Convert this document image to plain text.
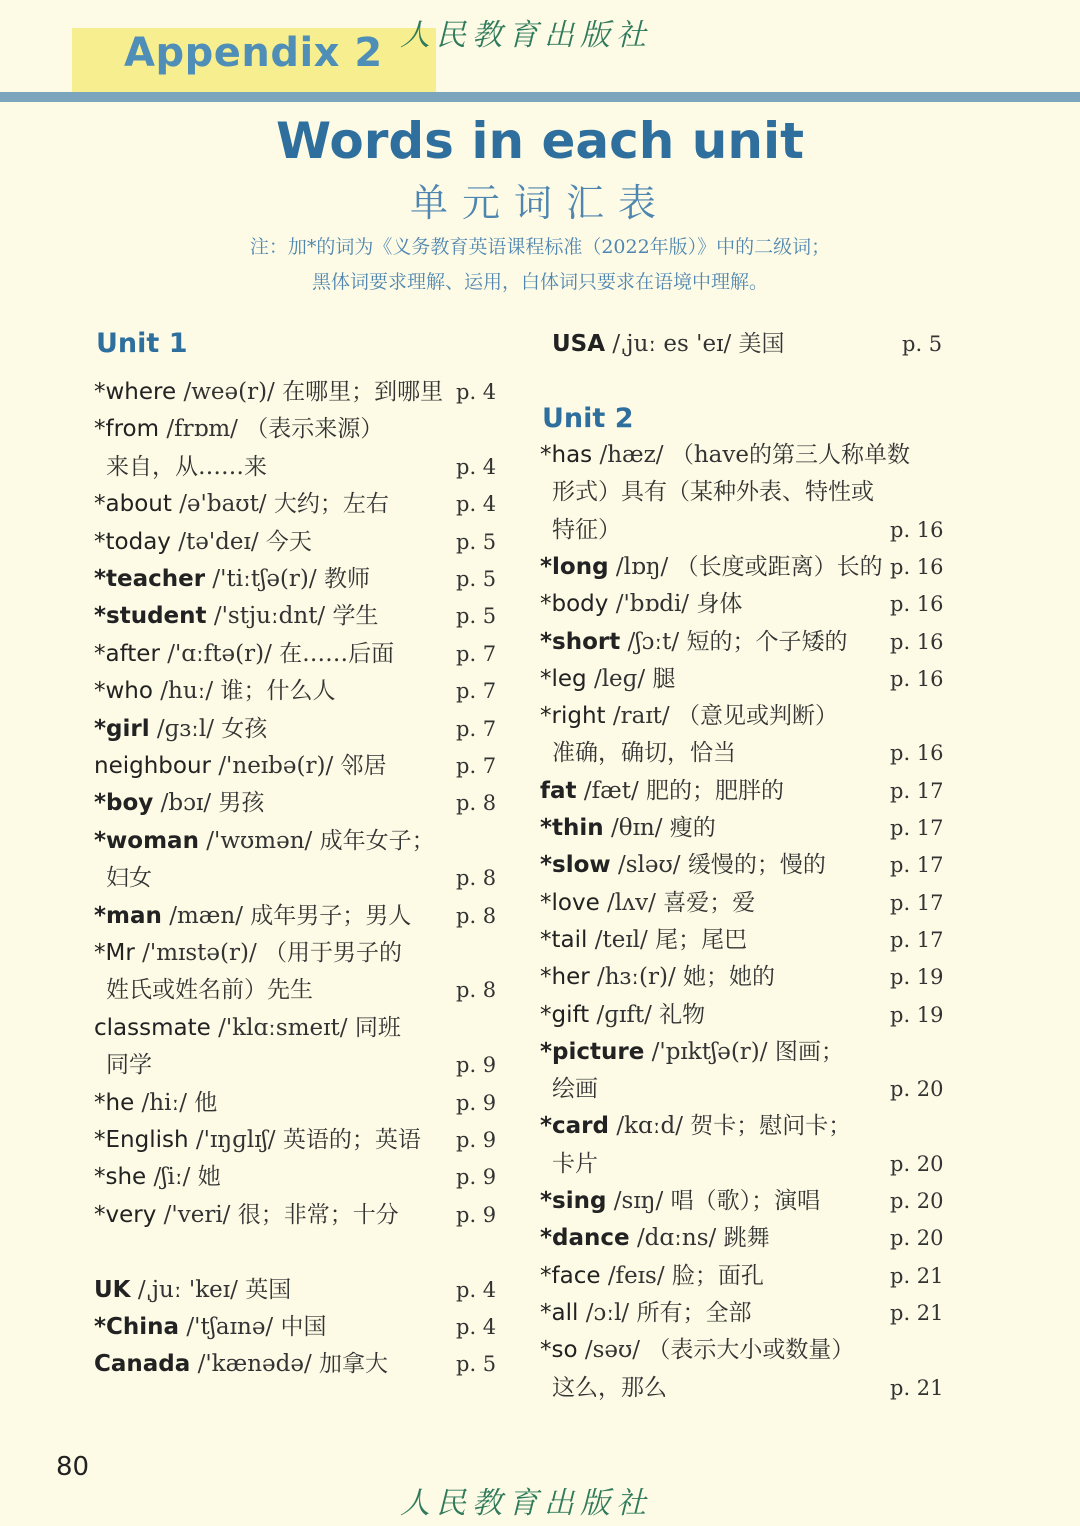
Appendix 2 人民教育出版社
Words in each unit
单元词汇表
注：加*的词为《义务教育英语课程标准（2022年版）》中的二级词；
黑体词要求理解、运用，白体词只要求在语境中理解。
Unit 1
*where /weə(r)/ 在哪里；到哪里 p. 4
*from /frɒm/ （表示来源）
来自，从……来	p. 4
*about /ə'baʊt/ 大约；左右	p. 4
*today /tə'deɪ/ 今天	p. 5
*teacher /'tiːtʃə(r)/ 教师	p. 5
*student /'stjuːdnt/ 学生	p. 5
*after /'ɑːftə(r)/ 在……后面	p. 7
*who /huː/ 谁；什么人	p. 7
*girl /ɡɜːl/ 女孩	p. 7
neighbour /'neɪbə(r)/ 邻居	p. 7
*boy /bɔɪ/ 男孩	p. 8
*woman /'wʊmən/ 成年女子；
妇女	p. 8
*man /mæn/ 成年男子；男人 p. 8
*Mr /'mɪstə(r)/ （用于男子的
姓氏或姓名前）先生	p. 8
classmate /'klɑːsmeɪt/ 同班
同学	p. 9
*he /hiː/ 他	p. 9
*English /'ɪŋɡlɪʃ/ 英语的；英语 p. 9
*she /ʃiː/ 她	p. 9
*very /'veri/ 很；非常；十分	p. 9
UK /ˌjuː 'keɪ/ 英国	p. 4
*China /'tʃaɪnə/ 中国	p. 4
Canada /'kænədə/ 加拿大	p. 5
USA /ˌjuː es 'eɪ/ 美国	p. 5
Unit 2
*has /hæz/ （have的第三人称单数
形式）具有（某种外表、特性或
特征）	p. 16
*long /lɒŋ/ （长度或距离）长的 p. 16
*body /'bɒdi/ 身体	p. 16
*short /ʃɔːt/ 短的；个子矮的 p. 16
*leg /leɡ/ 腿	p. 16
*right /raɪt/ （意见或判断）
准确，确切，恰当	p. 16
fat /fæt/ 肥的；肥胖的	p. 17
*thin /θɪn/ 瘦的	p. 17
*slow /sləʊ/ 缓慢的；慢的	p. 17
*love /lʌv/ 喜爱；爱	p. 17
*tail /teɪl/ 尾；尾巴	p. 17
*her /hɜː(r)/ 她；她的	p. 19
*gift /ɡɪft/ 礼物	p. 19
*picture /'pɪktʃə(r)/ 图画；
绘画	p. 20
*card /kɑːd/ 贺卡；慰问卡；
卡片	p. 20
*sing /sɪŋ/ 唱（歌）；演唱	p. 20
*dance /dɑːns/ 跳舞	p. 20
*face /feɪs/ 脸；面孔	p. 21
*all /ɔːl/ 所有；全部	p. 21
*so /səʊ/ （表示大小或数量）
这么，那么	p. 21
80
人民教育出版社
